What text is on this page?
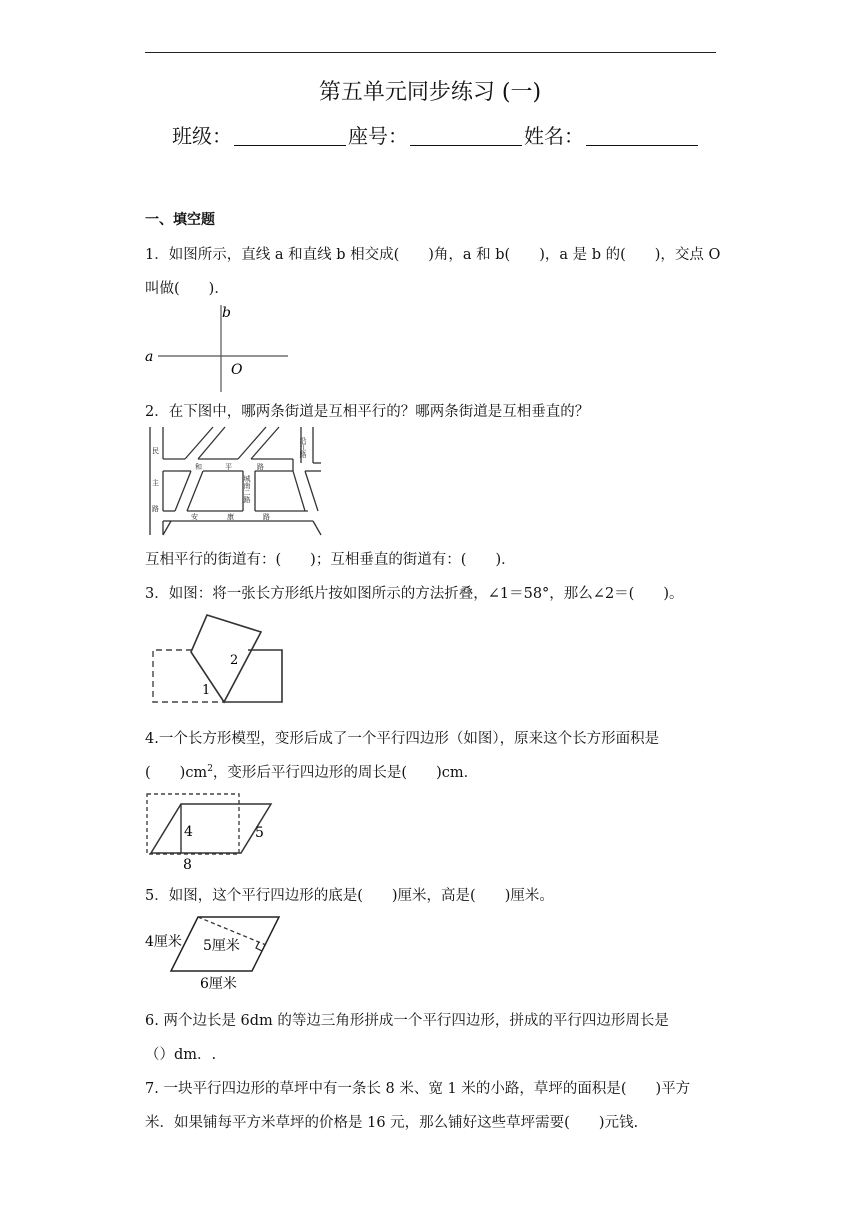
第五单元同步练习 (一)
班级：	座号：	姓名：
一、填空题
1．如图所示，直线 a 和直线 b 相交成(　　)角，a 和 b(　　)，a 是 b 的(　　)，交点 O
叫做(　　)．
a
b
O
2．在下图中，哪两条街道是互相平行的？哪两条街道是互相垂直的？
民
主
路
和	平	路
安	康	路
沿江路
城南二路
互相平行的街道有：(　　)；互相垂直的街道有：(　　)．
3．如图：将一张长方形纸片按如图所示的方法折叠，∠1＝58°，那么∠2＝(　　)。
2
1
4.一个长方形模型，变形后成了一个平行四边形（如图），原来这个长方形面积是
(　　)$cm^2$，变形后平行四边形的周长是(　　)cm．
4	5
8
5．如图，这个平行四边形的底是(　　)厘米，高是(　　)厘米。
4厘米 5厘米
6厘米
6. 两个边长是 6dm 的等边三角形拼成一个平行四边形，拼成的平行四边形周长是
（）dm．.
7. 一块平行四边形的草坪中有一条长 8 米、宽 1 米的小路，草坪的面积是(　　)平方
米．如果铺每平方米草坪的价格是 16 元，那么铺好这些草坪需要(　　)元钱.
